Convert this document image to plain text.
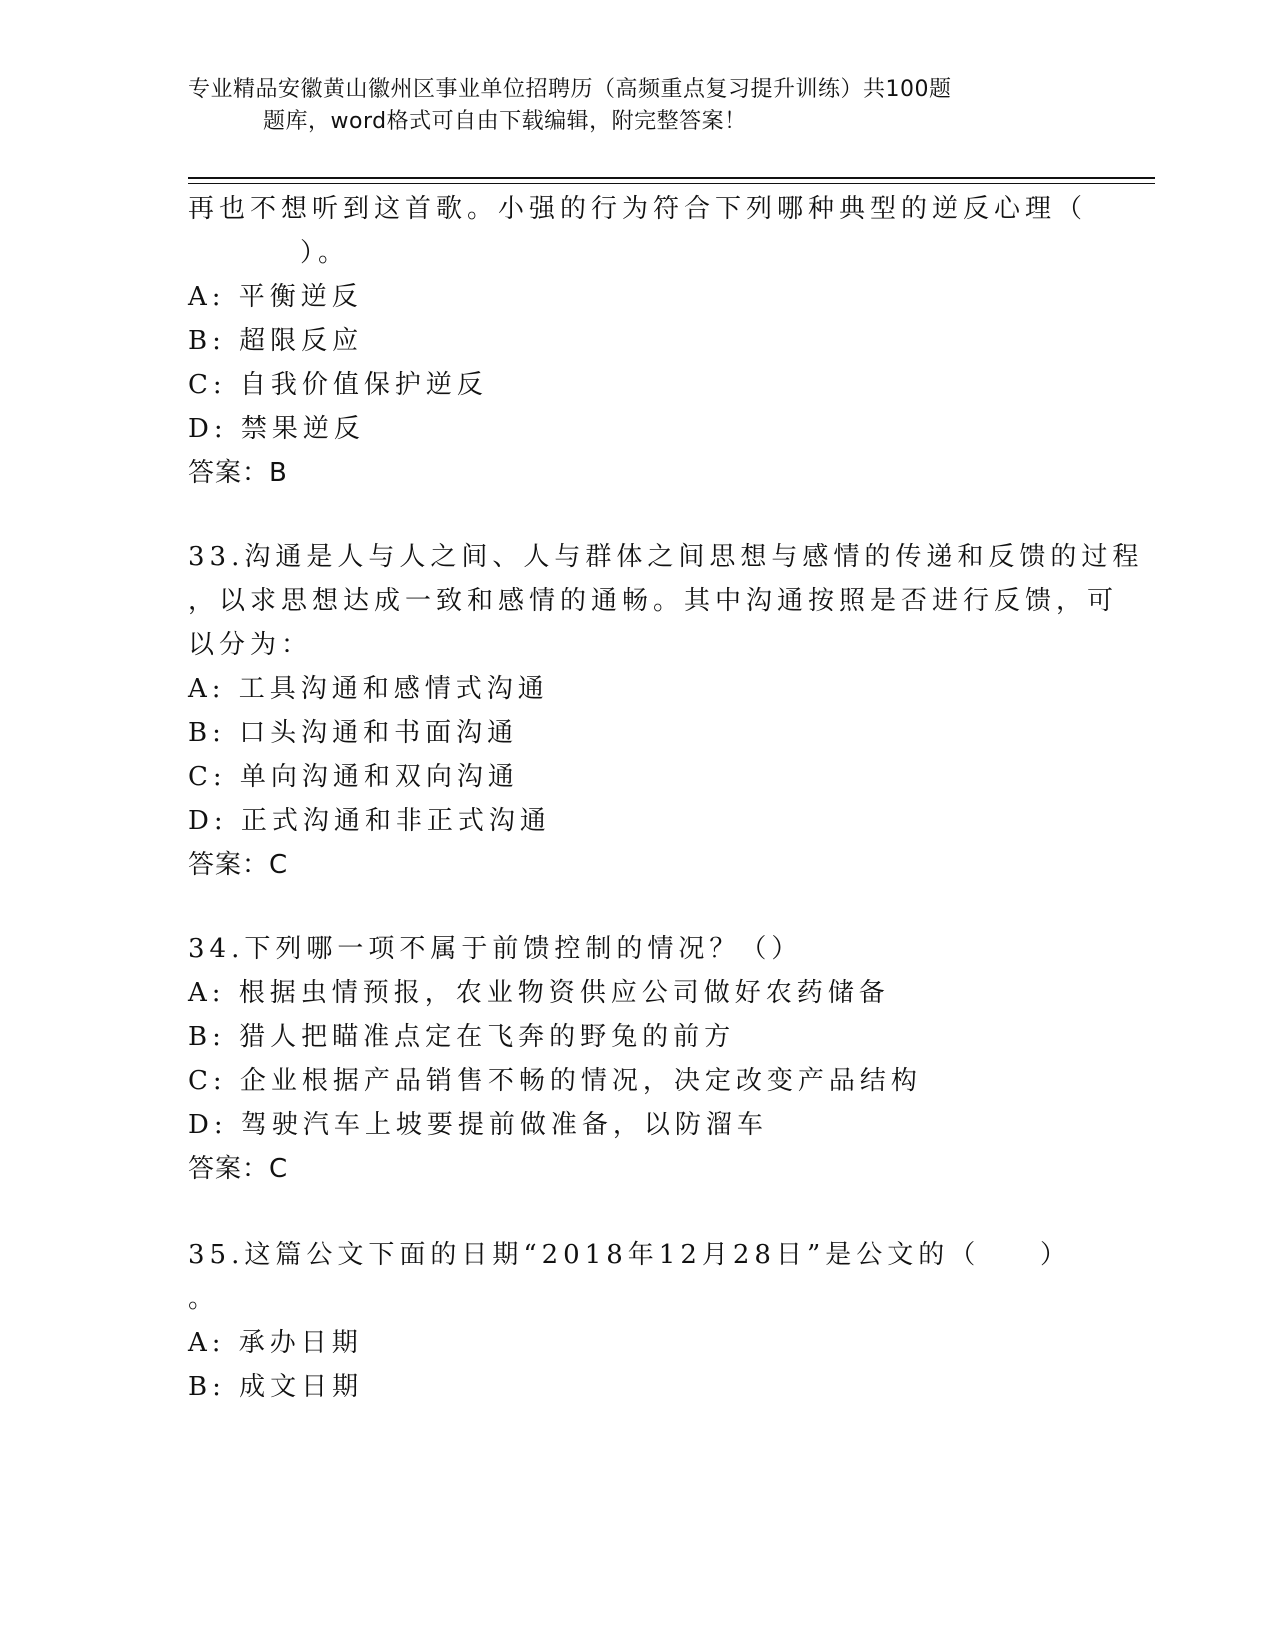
专业精品安徽黄山徽州区事业单位招聘历（高频重点复习提升训练）共100题
题库，word格式可自由下载编辑，附完整答案！
再也不想听到这首歌。小强的行为符合下列哪种典型的逆反心理（
）。
A: 平衡逆反
B: 超限反应
C: 自我价值保护逆反
D: 禁果逆反
答案：B
33.沟通是人与人之间、人与群体之间思想与感情的传递和反馈的过程
，以求思想达成一致和感情的通畅。其中沟通按照是否进行反馈，可
以分为：
A: 工具沟通和感情式沟通
B: 口头沟通和书面沟通
C: 单向沟通和双向沟通
D: 正式沟通和非正式沟通
答案：C
34.下列哪一项不属于前馈控制的情况？（）
A: 根据虫情预报，农业物资供应公司做好农药储备
B: 猎人把瞄准点定在飞奔的野兔的前方
C: 企业根据产品销售不畅的情况，决定改变产品结构
D: 驾驶汽车上坡要提前做准备，以防溜车
答案：C
35.这篇公文下面的日期“2018年12月28日”是公文的（ ）
。
A: 承办日期
B: 成文日期
